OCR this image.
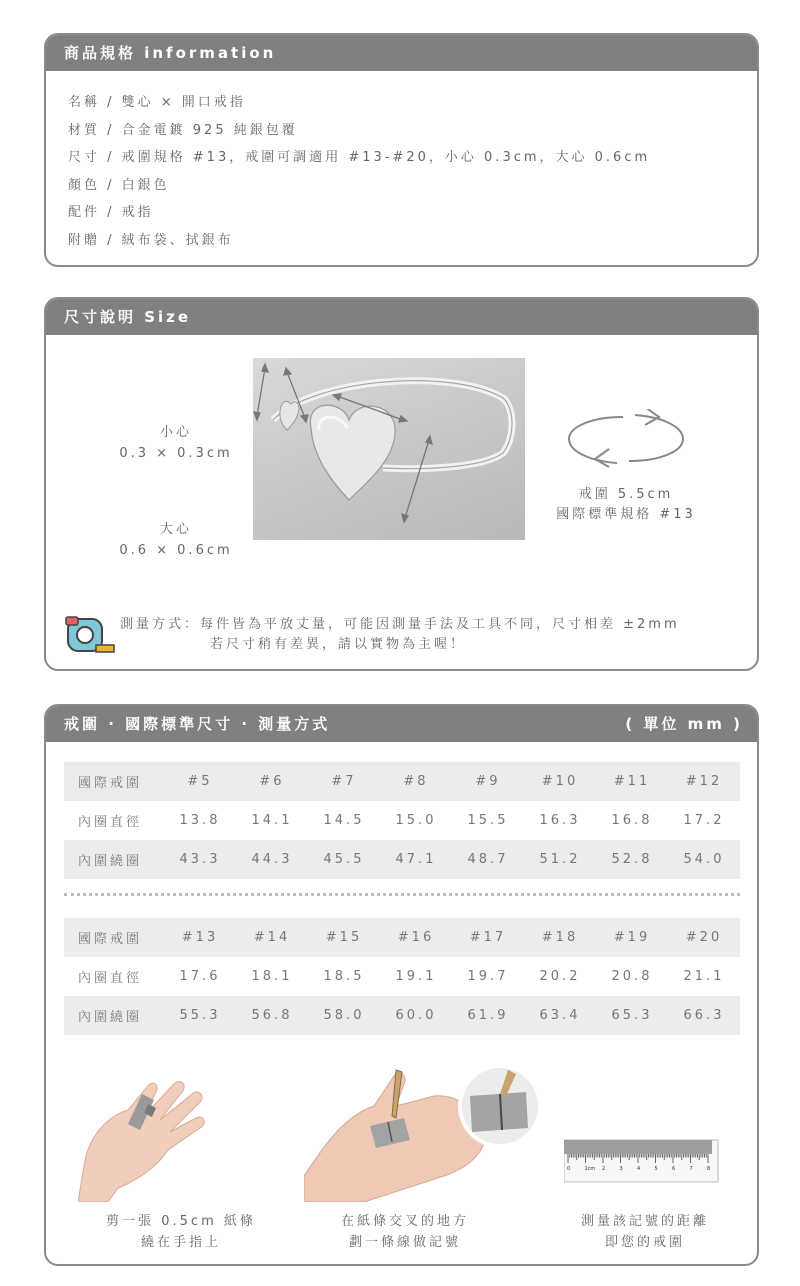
商品規格 information
名稱 / 雙心 × 開口戒指
材質 / 合金電鍍 925 純銀包覆
尺寸 / 戒圍規格 #13，戒圍可調適用 #13-#20，小心 0.3cm，大心 0.6cm
顏色 / 白銀色
配件 / 戒指
附贈 / 絨布袋、拭銀布
尺寸說明 Size
小心
0.3 × 0.3cm
大心
0.6 × 0.6cm
戒圍 5.5cm
國際標準規格 #13
測量方式：每件皆為平放丈量，可能因測量手法及工具不同，尺寸相差 ±2mm
若尺寸稍有差異，請以實物為主喔！
戒圍 · 國際標準尺寸 · 測量方式	( 單位 mm )
國際戒圍	#5	#6	#7	#8	#9	#10	#11	#12
內圈直徑	13.8	14.1	14.5	15.0	15.5	16.3	16.8	17.2
內圍繞圈	43.3	44.3	45.5	47.1	48.7	51.2	52.8	54.0
國際戒圍	#13	#14	#15	#16	#17	#18	#19	#20
內圈直徑	17.6	18.1	18.5	19.1	19.7	20.2	20.8	21.1
內圍繞圈	55.3	56.8	58.0	60.0	61.9	63.4	65.3	66.3
0	1cm 2	3	4	5	6	7	8
剪一張 0.5cm 紙條
繞在手指上
在紙條交叉的地方
劃一條線做記號
測量該記號的距離
即您的戒圍
